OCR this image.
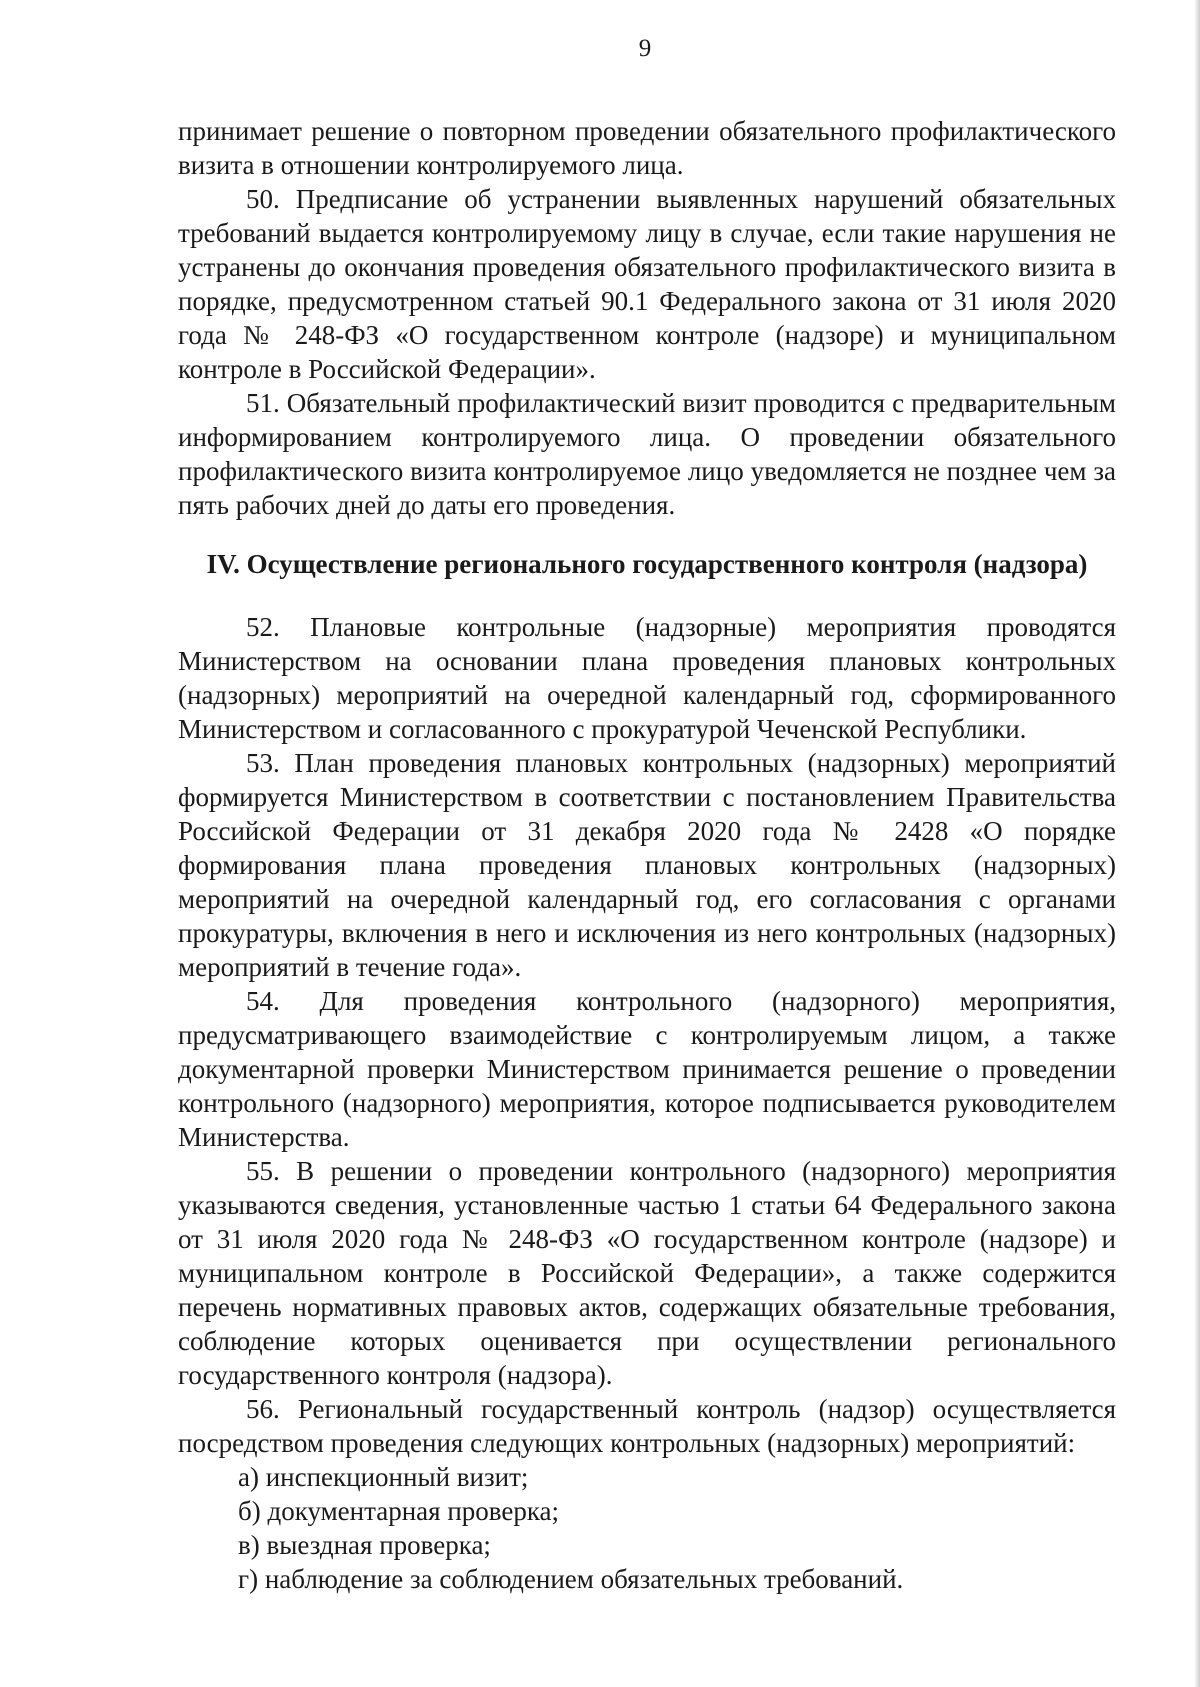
9

принимает решение о повторном проведении обязательного профилактического визита в отношении контролируемого лица.

50. Предписание об устранении выявленных нарушений обязательных требований выдается контролируемому лицу в случае, если такие нарушения не устранены до окончания проведения обязательного профилактического визита в порядке, предусмотренном статьей 90.1 Федерального закона от 31 июля 2020 года № 248-ФЗ «О государственном контроле (надзоре) и муниципальном контроле в Российской Федерации».

51. Обязательный профилактический визит проводится с предварительным информированием контролируемого лица. О проведении обязательного профилактического визита контролируемое лицо уведомляется не позднее чем за пять рабочих дней до даты его проведения.

IV. Осуществление регионального государственного контроля (надзора)

52. Плановые контрольные (надзорные) мероприятия проводятся Министерством на основании плана проведения плановых контрольных (надзорных) мероприятий на очередной календарный год, сформированного Министерством и согласованного с прокуратурой Чеченской Республики.

53. План проведения плановых контрольных (надзорных) мероприятий формируется Министерством в соответствии с постановлением Правительства Российской Федерации от 31 декабря 2020 года № 2428 «О порядке формирования плана проведения плановых контрольных (надзорных) мероприятий на очередной календарный год, его согласования с органами прокуратуры, включения в него и исключения из него контрольных (надзорных) мероприятий в течение года».

54. Для проведения контрольного (надзорного) мероприятия, предусматривающего взаимодействие с контролируемым лицом, а также документарной проверки Министерством принимается решение о проведении контрольного (надзорного) мероприятия, которое подписывается руководителем Министерства.

55. В решении о проведении контрольного (надзорного) мероприятия указываются сведения, установленные частью 1 статьи 64 Федерального закона от 31 июля 2020 года № 248-ФЗ «О государственном контроле (надзоре) и муниципальном контроле в Российской Федерации», а также содержится перечень нормативных правовых актов, содержащих обязательные требования, соблюдение которых оценивается при осуществлении регионального государственного контроля (надзора).

56. Региональный государственный контроль (надзор) осуществляется посредством проведения следующих контрольных (надзорных) мероприятий:

а) инспекционный визит;
б) документарная проверка;
в) выездная проверка;
г) наблюдение за соблюдением обязательных требований.
